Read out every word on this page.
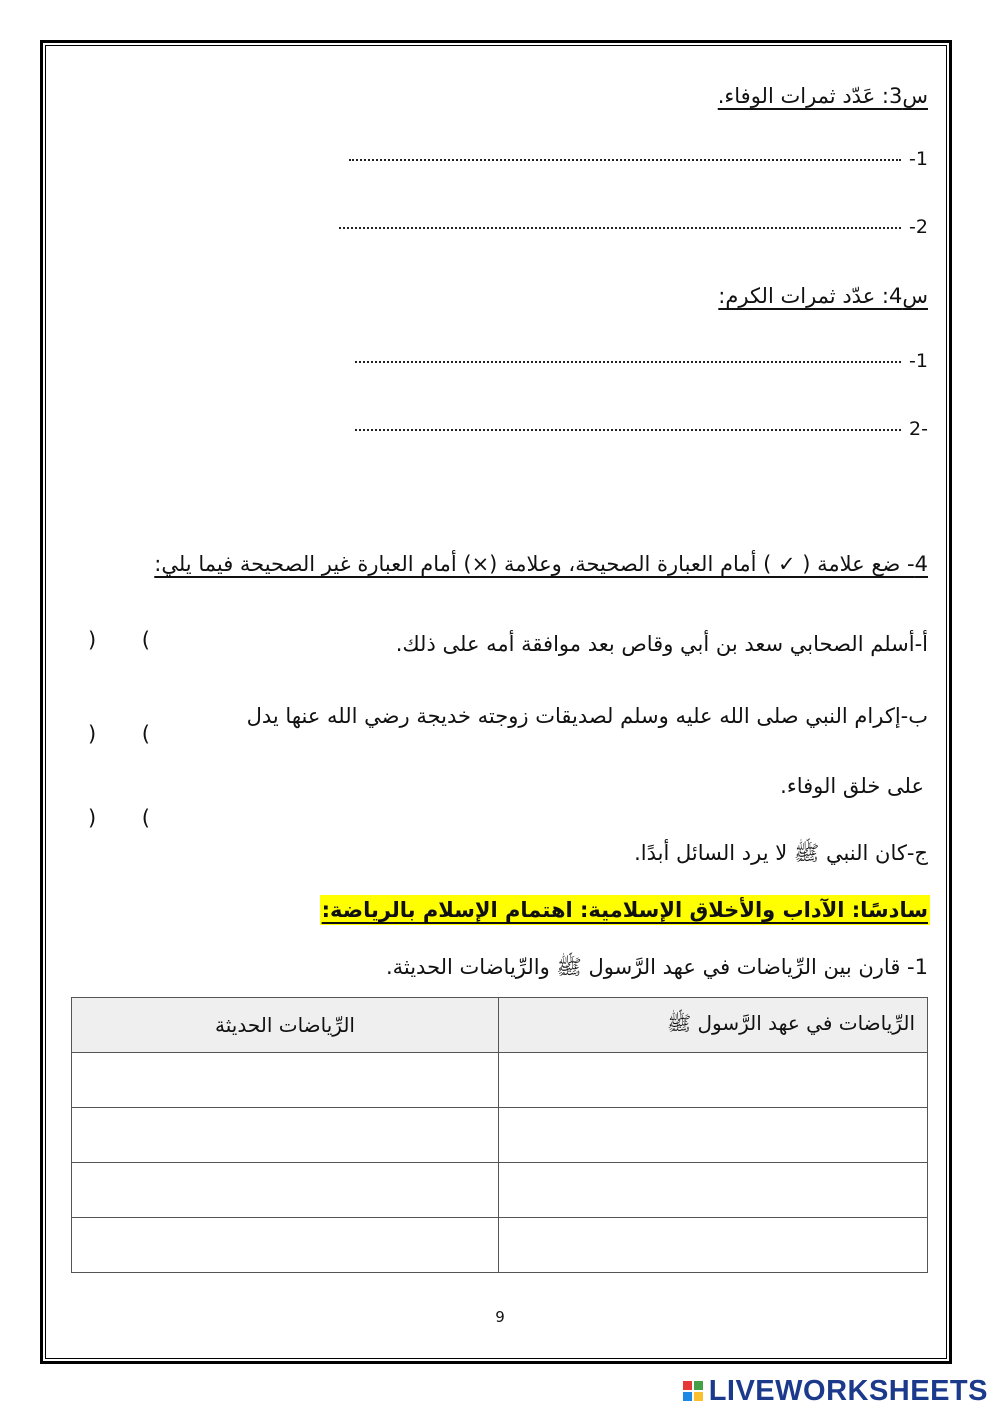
س3: عَدّد ثمرات الوفاء.
1-
2-
س4: عدّد ثمرات الكرم:
1-
-2
4- ضع علامة ( ✓ ) أمام العبارة الصحيحة، وعلامة (×) أمام العبارة غير الصحيحة فيما يلي:
أ-أسلم الصحابي سعد بن أبي وقاص بعد موافقة أمه على ذلك.
) (
ب-إكرام النبي صلى الله عليه وسلم لصديقات زوجته خديجة رضي الله عنها يدل
) (
على خلق الوفاء.
) (
ج-كان النبي ﷺ لا يرد السائل أبدًا.
سادسًا: الآداب والأخلاق الإسلامية: اهتمام الإسلام بالرياضة:
1- قارن بين الرِّياضات في عهد الرَّسول ﷺ والرِّياضات الحديثة.
الرِّياضات في عهد الرَّسول ﷺ	الرِّياضات الحديثة

9
LIVEWORKSHEETS
